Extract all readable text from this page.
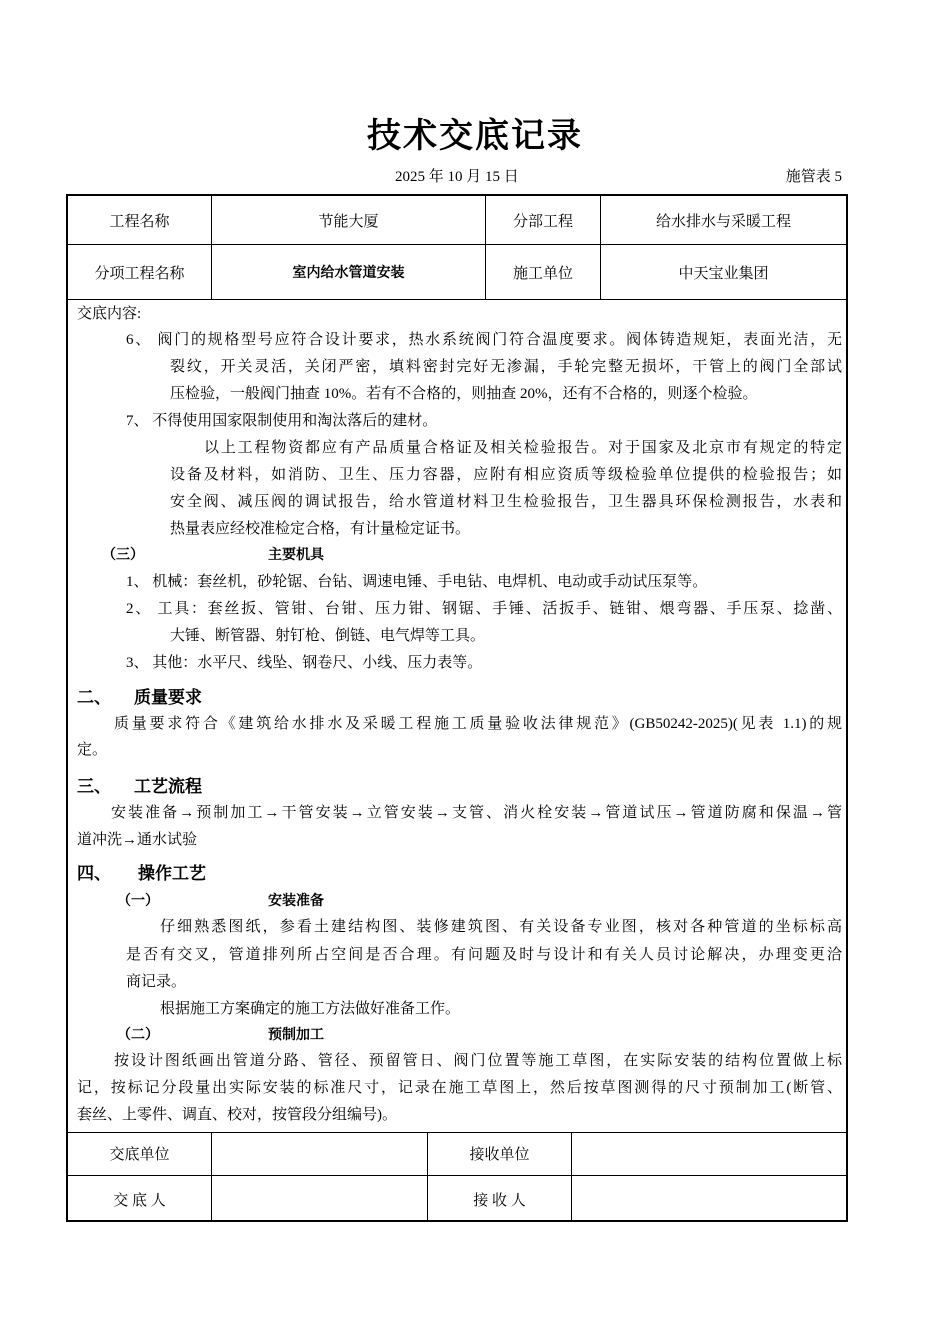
技术交底记录
2025 年 10 月 15 日	施管表 5
工程名称	节能大厦	分部工程	给水排水与采暖工程
分项工程名称	室内给水管道安装	施工单位	中天宝业集团
交底内容:
6、 阀门的规格型号应符合设计要求，热水系统阀门符合温度要求。阀体铸造规矩，表面光洁，无
裂纹，开关灵活，关闭严密，填料密封完好无渗漏，手轮完整无损坏，干管上的阀门全部试
压检验，一般阀门抽查 10%。若有不合格的，则抽查 20%，还有不合格的，则逐个检验。
7、 不得使用国家限制使用和淘汰落后的建材。
以上工程物资都应有产品质量合格证及相关检验报告。对于国家及北京市有规定的特定
设备及材料，如消防、卫生、压力容器，应附有相应资质等级检验单位提供的检验报告；如
安全阀、减压阀的调试报告，给水管道材料卫生检验报告，卫生器具环保检测报告，水表和
热量表应经校准检定合格，有计量检定证书。
（三）	主要机具
1、 机械：套丝机，砂轮锯、台钻、调速电锤、手电钻、电焊机、电动或手动试压泵等。
2、 工具：套丝扳、管钳、台钳、压力钳、钢锯、手锤、活扳手、链钳、煨弯器、手压泵、捻凿、
大锤、断管器、射钉枪、倒链、电气焊等工具。
3、 其他：水平尺、线坠、钢卷尺、小线、压力表等。
二、 质量要求
质量要求符合《建筑给水排水及采暖工程施工质量验收法律规范》(GB50242-2025)(见表 1.1)的规
定。
三、 工艺流程
安装准备→预制加工→干管安装→立管安装→支管、消火栓安装→管道试压→管道防腐和保温→管
道冲洗→通水试验
四、 操作工艺
（一）	安装准备
仔细熟悉图纸，参看土建结构图、装修建筑图、有关设备专业图，核对各种管道的坐标标高
是否有交叉，管道排列所占空间是否合理。有问题及时与设计和有关人员讨论解决，办理变更洽
商记录。
根据施工方案确定的施工方法做好准备工作。
（二）	预制加工
按设计图纸画出管道分路、管径、预留管日、阀门位置等施工草图，在实际安装的结构位置做上标
记，按标记分段量出实际安装的标准尺寸，记录在施工草图上，然后按草图测得的尺寸预制加工(断管、
套丝、上零件、调直、校对，按管段分组编号)。
交底单位	接收单位
交 底 人	接 收 人
